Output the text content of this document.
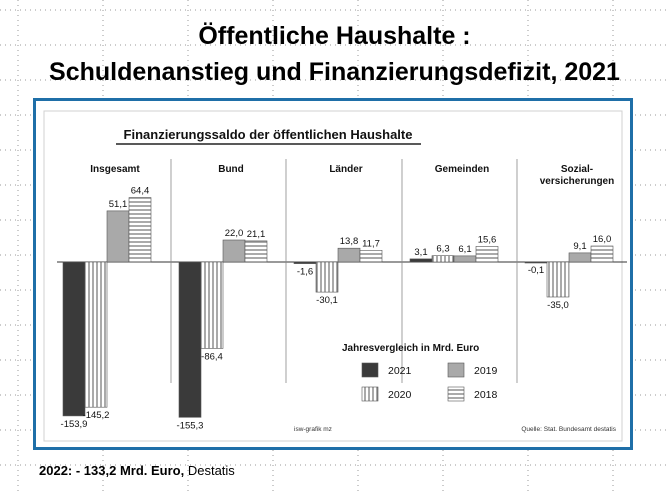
Öffentliche Haushalte :
Schuldenanstieg und Finanzierungsdefizit, 2021
Finanzierungssaldo der öffentlichen Haushalte
Insgesamt
-153,9
-145,2
51,1
64,4
Bund
-155,3
-86,4
22,0 21,1
Länder
-1,6
-30,1
13,8 11,7
Gemeinden
3,1 6,3 6,1
15,6
Sozial-
versicherungen
-0,1
-35,0
9,1
16,0
Jahresvergleich in Mrd. Euro
2021	2019
2020	2018
isw-grafik mz	Quelle: Stat. Bundesamt destatis
2022: - 133,2 Mrd. Euro, Destatis
